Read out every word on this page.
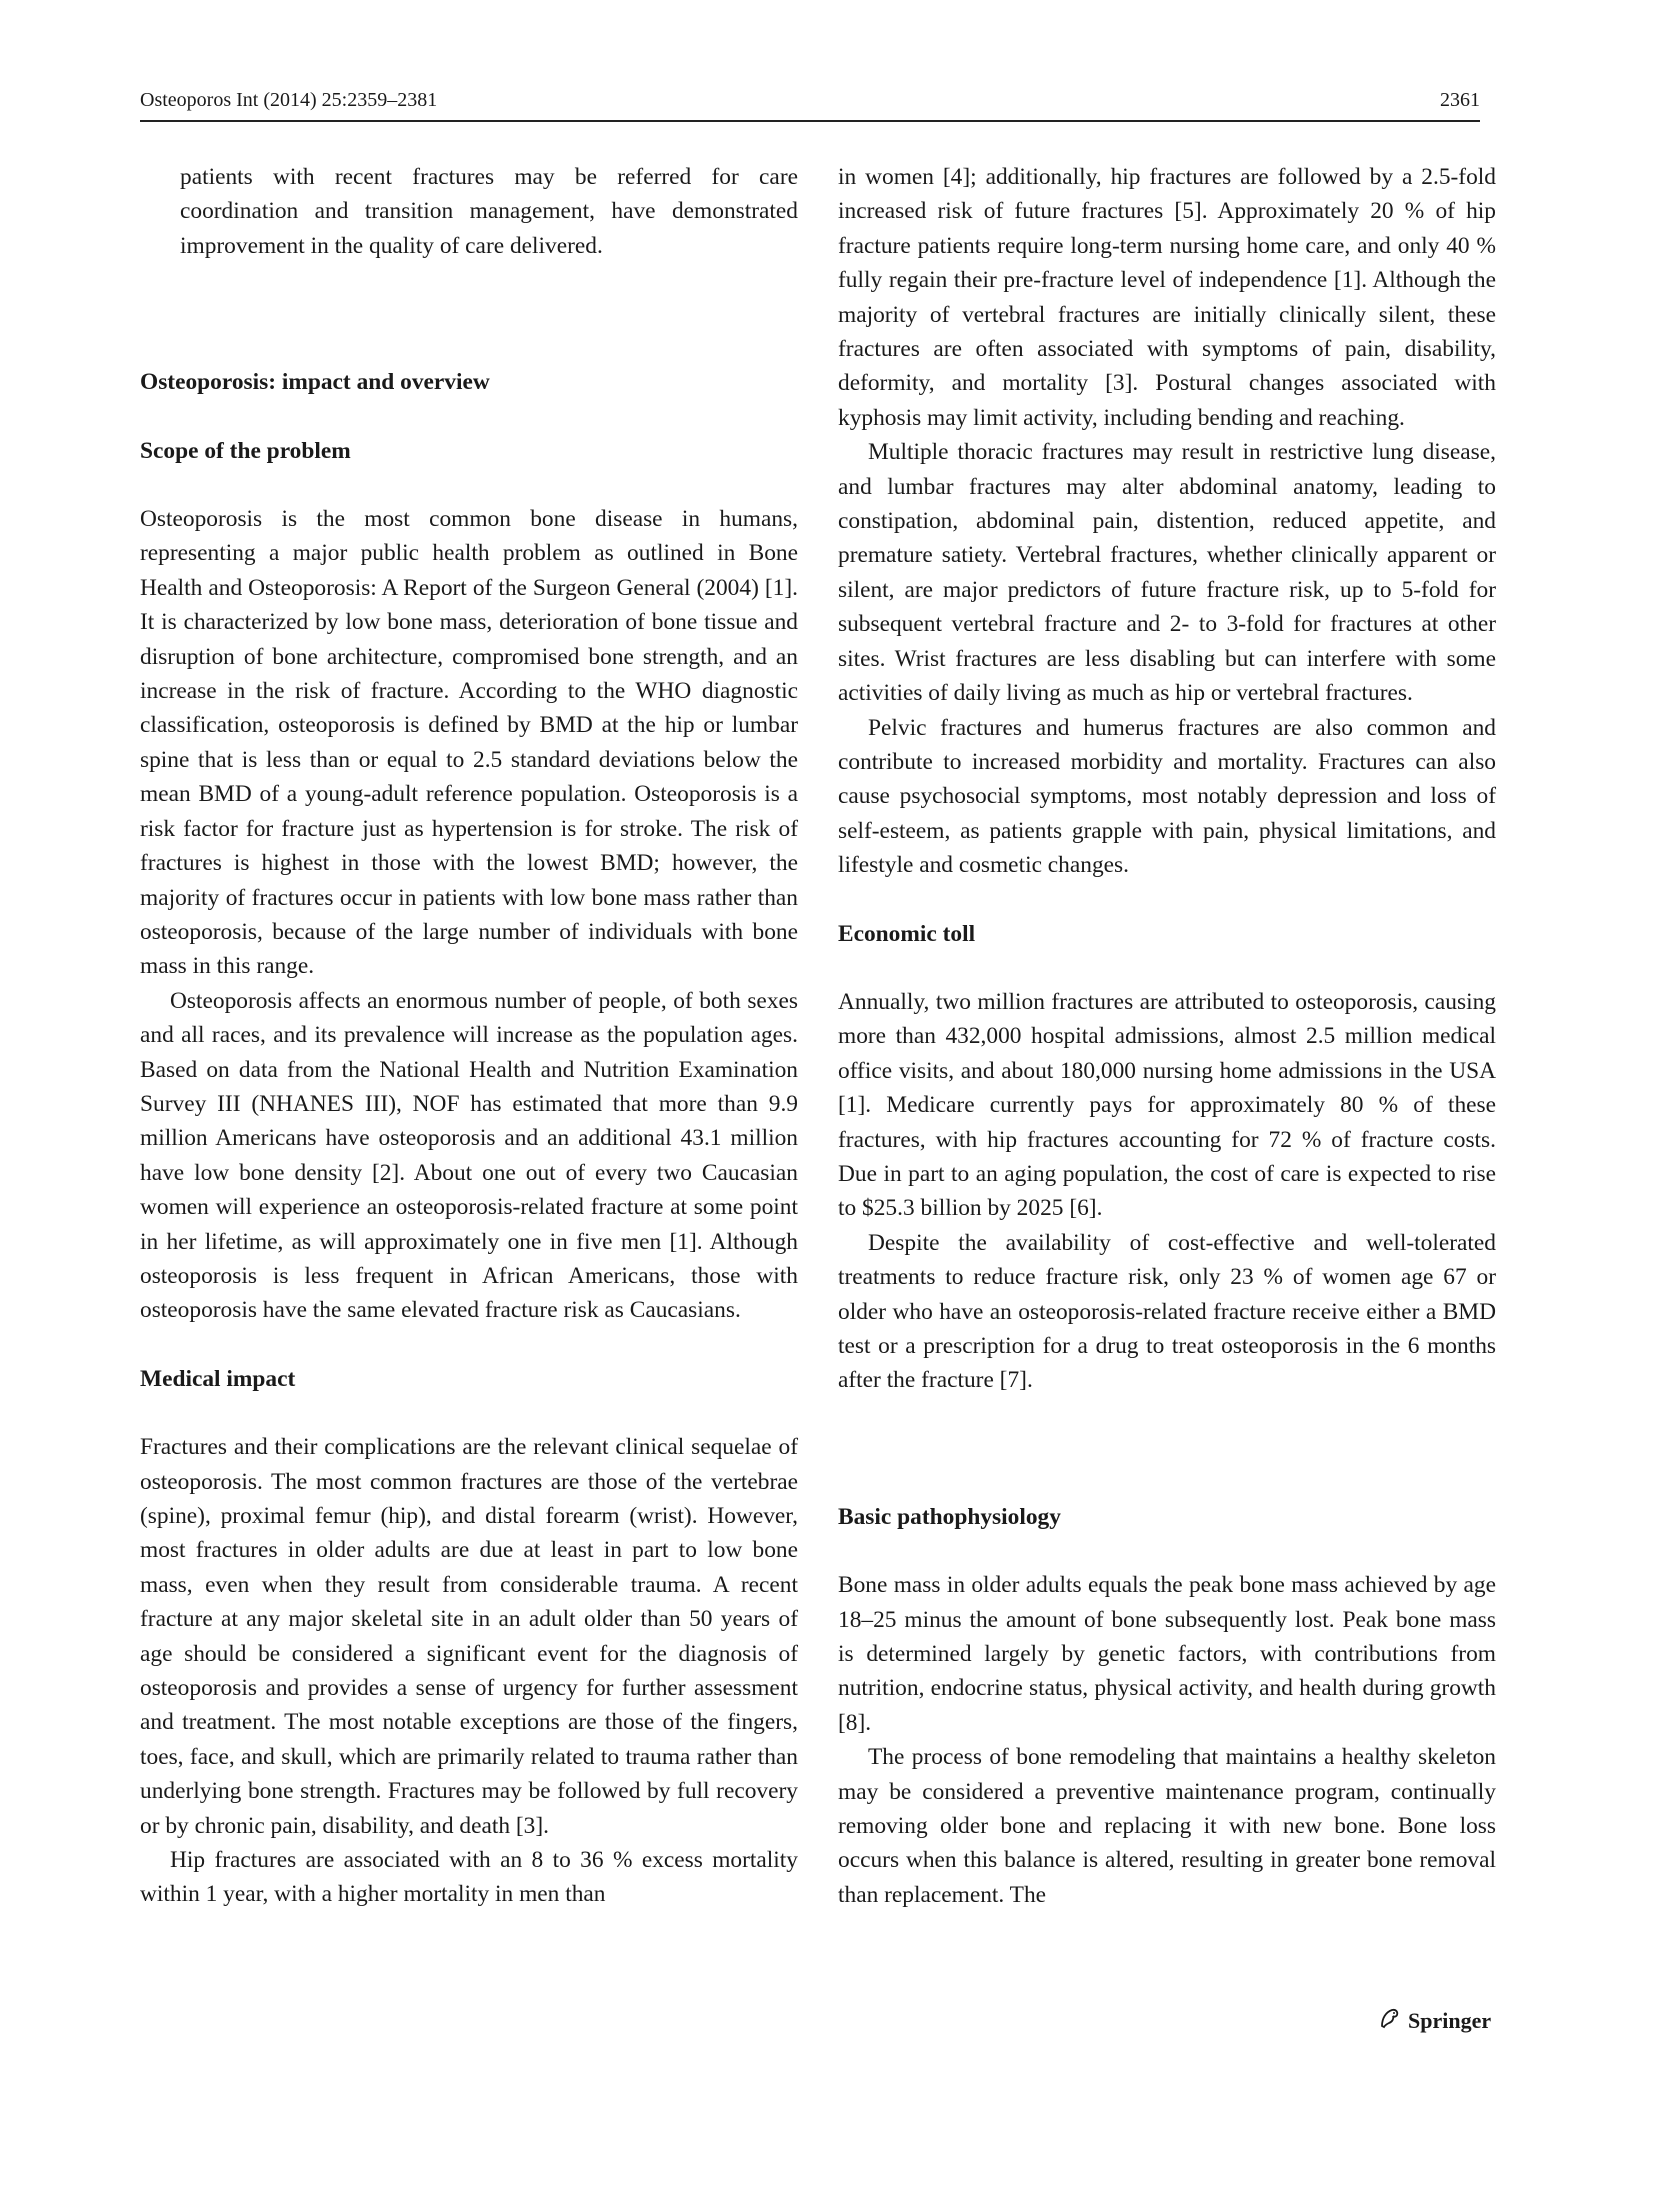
Osteoporos Int (2014) 25:2359–2381	2361

patients with recent fractures may be referred for care coordination and transition management, have demonstrated improvement in the quality of care delivered.

Osteoporosis: impact and overview
Scope of the problem

Osteoporosis is the most common bone disease in humans, representing a major public health problem as outlined in Bone Health and Osteoporosis: A Report of the Surgeon General (2004) [1]. It is characterized by low bone mass, deterioration of bone tissue and disruption of bone architecture, compromised bone strength, and an increase in the risk of fracture. According to the WHO diagnostic classification, osteoporosis is defined by BMD at the hip or lumbar spine that is less than or equal to 2.5 standard deviations below the mean BMD of a young-adult reference population. Osteoporosis is a risk factor for fracture just as hypertension is for stroke. The risk of fractures is highest in those with the lowest BMD; however, the majority of fractures occur in patients with low bone mass rather than osteoporosis, because of the large number of individuals with bone mass in this range.

Osteoporosis affects an enormous number of people, of both sexes and all races, and its prevalence will increase as the population ages. Based on data from the National Health and Nutrition Examination Survey III (NHANES III), NOF has estimated that more than 9.9 million Americans have osteoporosis and an additional 43.1 million have low bone density [2]. About one out of every two Caucasian women will experience an osteoporosis-related fracture at some point in her lifetime, as will approximately one in five men [1]. Although osteoporosis is less frequent in African Americans, those with osteoporosis have the same elevated fracture risk as Caucasians.

Medical impact

Fractures and their complications are the relevant clinical sequelae of osteoporosis. The most common fractures are those of the vertebrae (spine), proximal femur (hip), and distal forearm (wrist). However, most fractures in older adults are due at least in part to low bone mass, even when they result from considerable trauma. A recent fracture at any major skeletal site in an adult older than 50 years of age should be considered a significant event for the diagnosis of osteoporosis and provides a sense of urgency for further assessment and treatment. The most notable exceptions are those of the fingers, toes, face, and skull, which are primarily related to trauma rather than underlying bone strength. Fractures may be followed by full recovery or by chronic pain, disability, and death [3].

Hip fractures are associated with an 8 to 36 % excess mortality within 1 year, with a higher mortality in men than

in women [4]; additionally, hip fractures are followed by a 2.5-fold increased risk of future fractures [5]. Approximately 20 % of hip fracture patients require long-term nursing home care, and only 40 % fully regain their pre-fracture level of independence [1]. Although the majority of vertebral fractures are initially clinically silent, these fractures are often associated with symptoms of pain, disability, deformity, and mortality [3]. Postural changes associated with kyphosis may limit activity, including bending and reaching.

Multiple thoracic fractures may result in restrictive lung disease, and lumbar fractures may alter abdominal anatomy, leading to constipation, abdominal pain, distention, reduced appetite, and premature satiety. Vertebral fractures, whether clinically apparent or silent, are major predictors of future fracture risk, up to 5-fold for subsequent vertebral fracture and 2- to 3-fold for fractures at other sites. Wrist fractures are less disabling but can interfere with some activities of daily living as much as hip or vertebral fractures.

Pelvic fractures and humerus fractures are also common and contribute to increased morbidity and mortality. Fractures can also cause psychosocial symptoms, most notably depression and loss of self-esteem, as patients grapple with pain, physical limitations, and lifestyle and cosmetic changes.

Economic toll

Annually, two million fractures are attributed to osteoporosis, causing more than 432,000 hospital admissions, almost 2.5 million medical office visits, and about 180,000 nursing home admissions in the USA [1]. Medicare currently pays for approximately 80 % of these fractures, with hip fractures accounting for 72 % of fracture costs. Due in part to an aging population, the cost of care is expected to rise to $25.3 billion by 2025 [6].

Despite the availability of cost-effective and well-tolerated treatments to reduce fracture risk, only 23 % of women age 67 or older who have an osteoporosis-related fracture receive either a BMD test or a prescription for a drug to treat osteoporosis in the 6 months after the fracture [7].

Basic pathophysiology

Bone mass in older adults equals the peak bone mass achieved by age 18–25 minus the amount of bone subsequently lost. Peak bone mass is determined largely by genetic factors, with contributions from nutrition, endocrine status, physical activity, and health during growth [8].

The process of bone remodeling that maintains a healthy skeleton may be considered a preventive maintenance program, continually removing older bone and replacing it with new bone. Bone loss occurs when this balance is altered, resulting in greater bone removal than replacement. The

Springer
